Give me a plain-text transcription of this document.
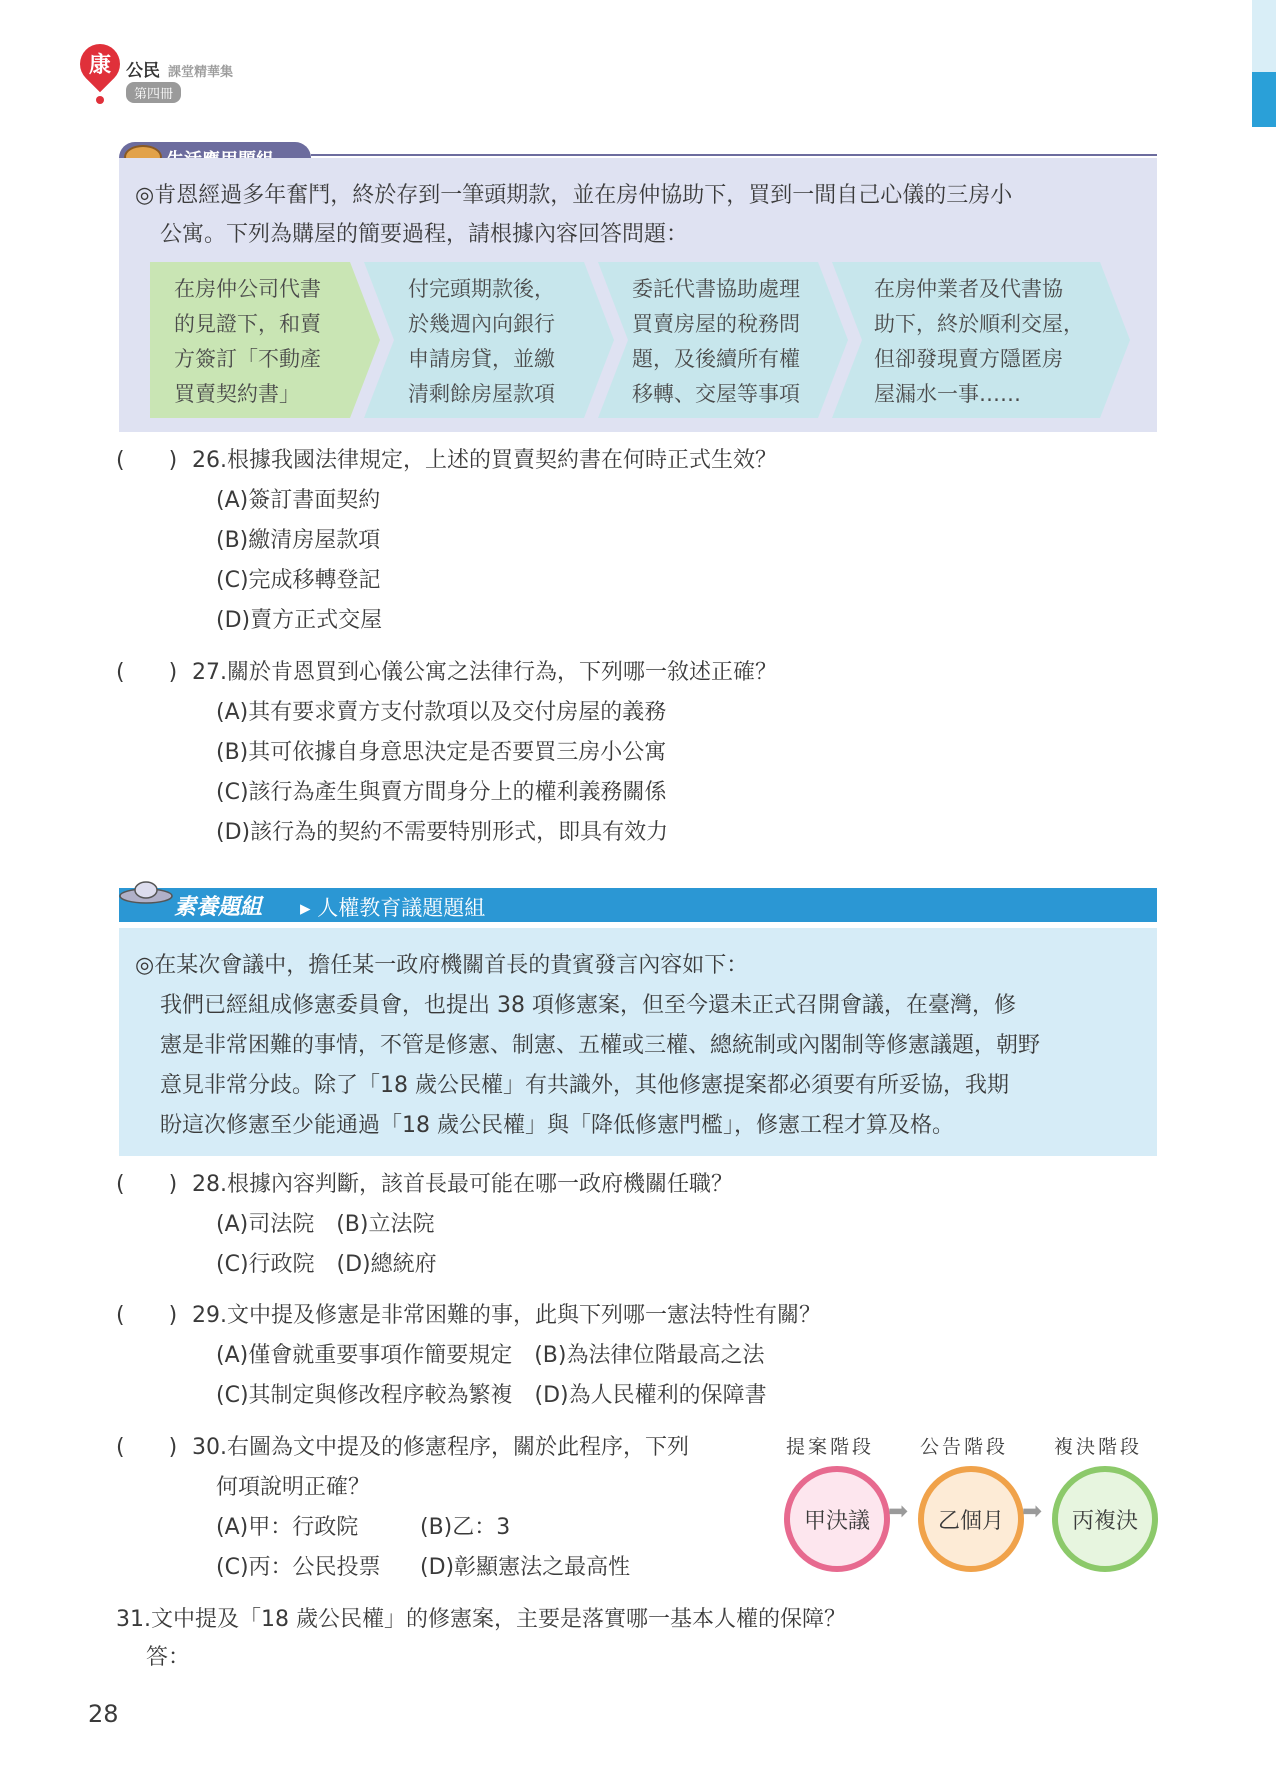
康 公民 課堂精華集
第四冊
◎肯恩經過多年奮鬥，終於存到一筆頭期款，並在房仲協助下，買到一間自己心儀的三房小
公寓。下列為購屋的簡要過程，請根據內容回答問題：
在房仲公司代書
的見證下，和賣
方簽訂「不動產
買賣契約書」
付完頭期款後，
於幾週內向銀行
申請房貸，並繳
清剩餘房屋款項
委託代書協助處理
買賣房屋的稅務問
題，及後續所有權
移轉、交屋等事項
在房仲業者及代書協
助下，終於順利交屋，
但卻發現賣方隱匿房
屋漏水一事……
(　　) 26.根據我國法律規定，上述的買賣契約書在何時正式生效？
(A)簽訂書面契約
(B)繳清房屋款項
(C)完成移轉登記
(D)賣方正式交屋
(　　) 27.關於肯恩買到心儀公寓之法律行為，下列哪一敘述正確？
(A)其有要求賣方支付款項以及交付房屋的義務
(B)其可依據自身意思決定是否要買三房小公寓
(C)該行為產生與賣方間身分上的權利義務關係
(D)該行為的契約不需要特別形式，即具有效力
素養題組 ▸ 人權教育議題題組
◎在某次會議中，擔任某一政府機關首長的貴賓發言內容如下：
我們已經組成修憲委員會，也提出 38 項修憲案，但至今還未正式召開會議，在臺灣，修
憲是非常困難的事情，不管是修憲、制憲、五權或三權、總統制或內閣制等修憲議題，朝野
意見非常分歧。除了「18 歲公民權」有共識外，其他修憲提案都必須要有所妥協，我期
盼這次修憲至少能通過「18 歲公民權」與「降低修憲門檻」，修憲工程才算及格。
(　　) 28.根據內容判斷，該首長最可能在哪一政府機關任職？
(A)司法院　(B)立法院
(C)行政院　(D)總統府
(　　) 29.文中提及修憲是非常困難的事，此與下列哪一憲法特性有關？
(A)僅會就重要事項作簡要規定　(B)為法律位階最高之法
(C)其制定與修改程序較為繁複　(D)為人民權利的保障書
(　　) 30.右圖為文中提及的修憲程序，關於此程序，下列
何項說明正確？
(A)甲：行政院	(B)乙：3
(C)丙：公民投票 (D)彰顯憲法之最高性
提案階段 公告階段 複決階段
甲決議 ➡	乙個月 ➡	丙複決
31.文中提及「18 歲公民權」的修憲案，主要是落實哪一基本人權的保障？
答：
28
